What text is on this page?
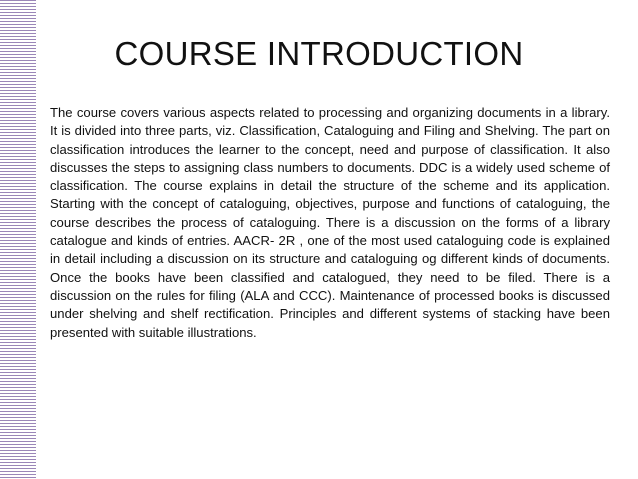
COURSE INTRODUCTION

The course covers various aspects related to processing and organizing documents in a library. It is divided into three parts, viz. Classification, Cataloguing and Filing and Shelving. The part on classification introduces the learner to the concept, need and purpose of classification. It also discusses the steps to assigning class numbers to documents. DDC is a widely used scheme of classification. The course explains in detail the structure of the scheme and its application. Starting with the concept of cataloguing, objectives, purpose and functions of cataloguing, the course describes the process of cataloguing. There is a discussion on the forms of a library catalogue and kinds of entries. AACR- 2R , one of the most used cataloguing code is explained in detail including a discussion on its structure and cataloguing og different kinds of documents. Once the books have been classified and catalogued, they need to be filed. There is a discussion on the rules for filing (ALA and CCC). Maintenance of processed books is discussed under shelving and shelf rectification. Principles and different systems of stacking have been presented with suitable illustrations.
